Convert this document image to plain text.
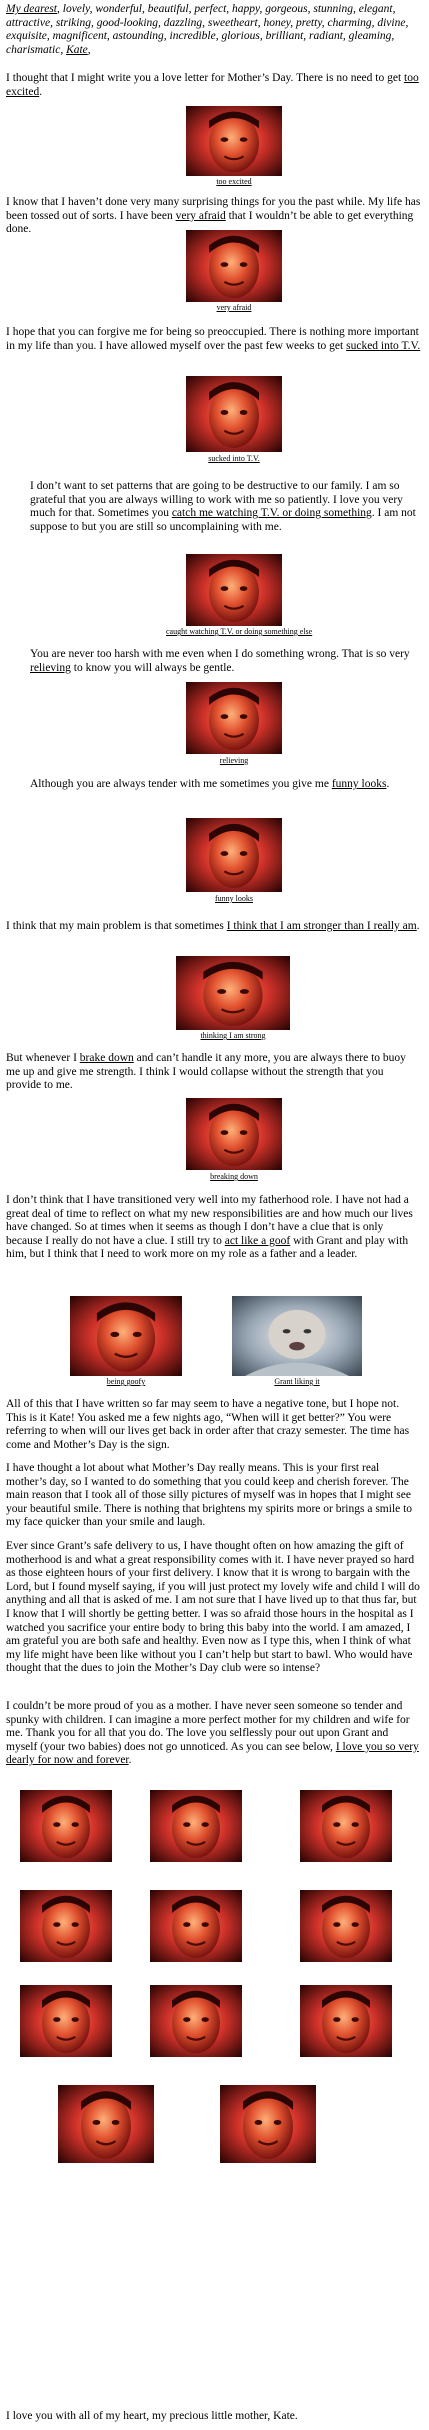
My dearest, lovely, wonderful, beautiful, perfect, happy, gorgeous, stunning, elegant, attractive, striking, good-looking, dazzling, sweetheart, honey, pretty, charming, divine, exquisite, magnificent, astounding, incredible, glorious, brilliant, radiant, gleaming, charismatic, Kate,
I thought that I might write you a love letter for Mother’s Day. There is no need to get too excited.
too excited
I know that I haven’t done very many surprising things for you the past while. My life has been tossed out of sorts. I have been very afraid that I wouldn’t be able to get everything done.
very afraid
I hope that you can forgive me for being so preoccupied. There is nothing more important in my life than you. I have allowed myself over the past few weeks to get sucked into T.V.
sucked into T.V.
I don’t want to set patterns that are going to be destructive to our family. I am so grateful that you are always willing to work with me so patiently. I love you very much for that. Sometimes you catch me watching T.V. or doing something. I am not suppose to but you are still so uncomplaining with me.
caught watching T.V. or doing something else
You are never too harsh with me even when I do something wrong. That is so very relieving to know you will always be gentle.
relieving
Although you are always tender with me sometimes you give me funny looks.
funny looks
I think that my main problem is that sometimes I think that I am stronger than I really am.
thinking I am strong
But whenever I brake down and can’t handle it any more, you are always there to buoy me up and give me strength. I think I would collapse without the strength that you provide to me.
breaking down
I don’t think that I have transitioned very well into my fatherhood role. I have not had a great deal of time to reflect on what my new responsibilities are and how much our lives have changed. So at times when it seems as though I don’t have a clue that is only because I really do not have a clue. I still try to act like a goof with Grant and play with him, but I think that I need to work more on my role as a father and a leader.
being goofy	Grant liking it
All of this that I have written so far may seem to have a negative tone, but I hope not. This is it Kate! You asked me a few nights ago, “When will it get better?” You were referring to when will our lives get back in order after that crazy semester. The time has come and Mother’s Day is the sign.
I have thought a lot about what Mother’s Day really means. This is your first real mother’s day, so I wanted to do something that you could keep and cherish forever. The main reason that I took all of those silly pictures of myself was in hopes that I might see your beautiful smile. There is nothing that brightens my spirits more or brings a smile to my face quicker than your smile and laugh.
Ever since Grant’s safe delivery to us, I have thought often on how amazing the gift of motherhood is and what a great responsibility comes with it. I have never prayed so hard as those eighteen hours of your first delivery. I know that it is wrong to bargain with the Lord, but I found myself saying, if you will just protect my lovely wife and child I will do anything and all that is asked of me. I am not sure that I have lived up to that thus far, but I know that I will shortly be getting better. I was so afraid those hours in the hospital as I watched you sacrifice your entire body to bring this baby into the world. I am amazed, I am grateful you are both safe and healthy. Even now as I type this, when I think of what my life might have been like without you I can’t help but start to bawl. Who would have thought that the dues to join the Mother’s Day club were so intense?
I couldn’t be more proud of you as a mother. I have never seen someone so tender and spunky with children. I can imagine a more perfect mother for my children and wife for me. Thank you for all that you do. The love you selflessly pour out upon Grant and myself (your two babies) does not go unnoticed. As you can see below, I love you so very dearly for now and forever.
I love you with all of my heart, my precious little mother, Kate.
